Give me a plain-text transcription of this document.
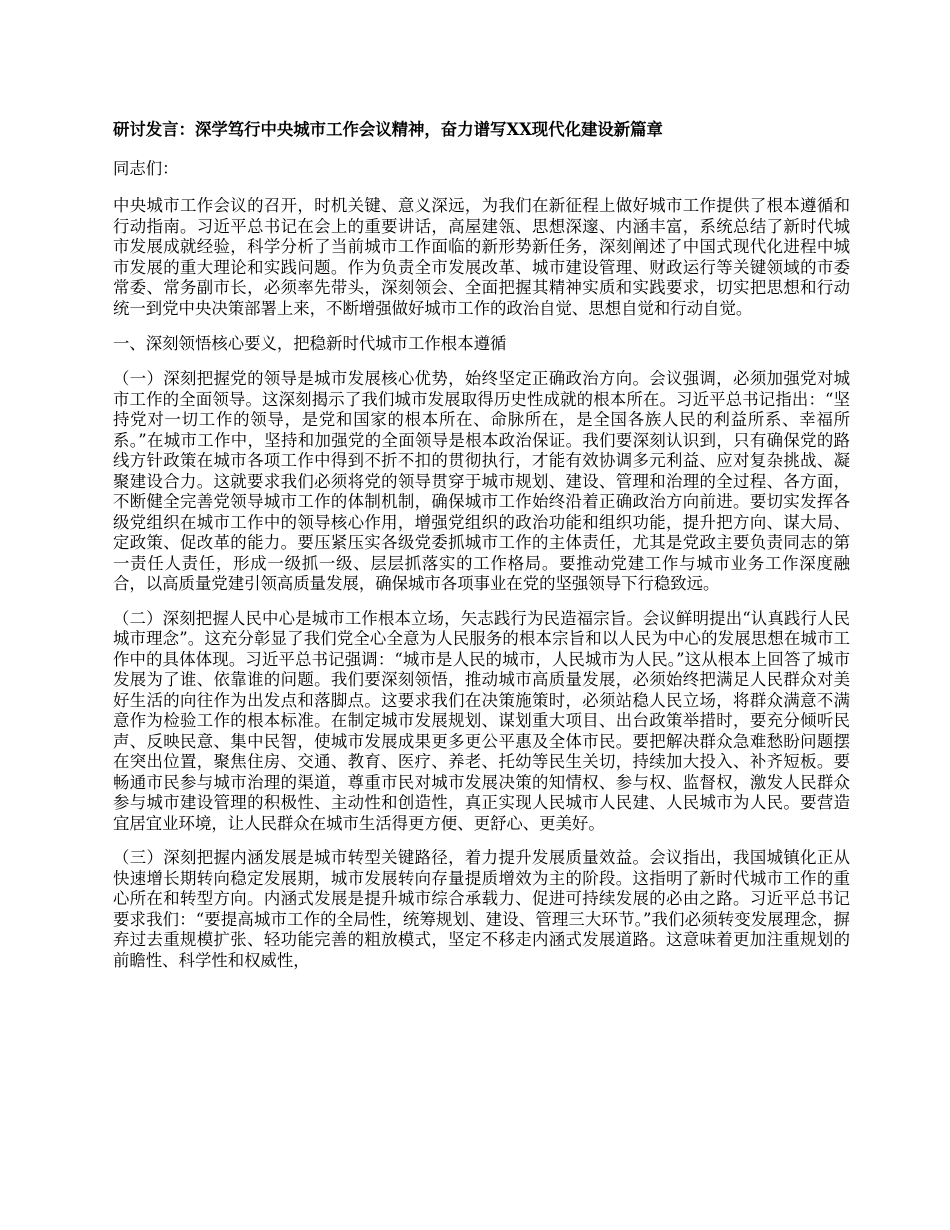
研讨发言：深学笃行中央城市工作会议精神，奋力谱写XX现代化建设新篇章
同志们：
中央城市工作会议的召开，时机关键、意义深远，为我们在新征程上做好城市工作提供了根本遵循和行动指南。习近平总书记在会上的重要讲话，高屋建瓴、思想深邃、内涵丰富，系统总结了新时代城市发展成就经验，科学分析了当前城市工作面临的新形势新任务，深刻阐述了中国式现代化进程中城市发展的重大理论和实践问题。作为负责全市发展改革、城市建设管理、财政运行等关键领域的市委常委、常务副市长，必须率先带头，深刻领会、全面把握其精神实质和实践要求，切实把思想和行动统一到党中央决策部署上来，不断增强做好城市工作的政治自觉、思想自觉和行动自觉。
一、深刻领悟核心要义，把稳新时代城市工作根本遵循
（一）深刻把握党的领导是城市发展核心优势，始终坚定正确政治方向。会议强调，必须加强党对城市工作的全面领导。这深刻揭示了我们城市发展取得历史性成就的根本所在。习近平总书记指出：“坚持党对一切工作的领导，是党和国家的根本所在、命脉所在，是全国各族人民的利益所系、幸福所系。”在城市工作中，坚持和加强党的全面领导是根本政治保证。我们要深刻认识到，只有确保党的路线方针政策在城市各项工作中得到不折不扣的贯彻执行，才能有效协调多元利益、应对复杂挑战、凝聚建设合力。这就要求我们必须将党的领导贯穿于城市规划、建设、管理和治理的全过程、各方面，不断健全完善党领导城市工作的体制机制，确保城市工作始终沿着正确政治方向前进。要切实发挥各级党组织在城市工作中的领导核心作用，增强党组织的政治功能和组织功能，提升把方向、谋大局、定政策、促改革的能力。要压紧压实各级党委抓城市工作的主体责任，尤其是党政主要负责同志的第一责任人责任，形成一级抓一级、层层抓落实的工作格局。要推动党建工作与城市业务工作深度融合，以高质量党建引领高质量发展，确保城市各项事业在党的坚强领导下行稳致远。
（二）深刻把握人民中心是城市工作根本立场，矢志践行为民造福宗旨。会议鲜明提出“认真践行人民城市理念”。这充分彰显了我们党全心全意为人民服务的根本宗旨和以人民为中心的发展思想在城市工作中的具体体现。习近平总书记强调：“城市是人民的城市，人民城市为人民。”这从根本上回答了城市发展为了谁、依靠谁的问题。我们要深刻领悟，推动城市高质量发展，必须始终把满足人民群众对美好生活的向往作为出发点和落脚点。这要求我们在决策施策时，必须站稳人民立场，将群众满意不满意作为检验工作的根本标准。在制定城市发展规划、谋划重大项目、出台政策举措时，要充分倾听民声、反映民意、集中民智，使城市发展成果更多更公平惠及全体市民。要把解决群众急难愁盼问题摆在突出位置，聚焦住房、交通、教育、医疗、养老、托幼等民生关切，持续加大投入、补齐短板。要畅通市民参与城市治理的渠道，尊重市民对城市发展决策的知情权、参与权、监督权，激发人民群众参与城市建设管理的积极性、主动性和创造性，真正实现人民城市人民建、人民城市为人民。要营造宜居宜业环境，让人民群众在城市生活得更方便、更舒心、更美好。
（三）深刻把握内涵发展是城市转型关键路径，着力提升发展质量效益。会议指出，我国城镇化正从快速增长期转向稳定发展期，城市发展转向存量提质增效为主的阶段。这指明了新时代城市工作的重心所在和转型方向。内涵式发展是提升城市综合承载力、促进可持续发展的必由之路。习近平总书记要求我们：“要提高城市工作的全局性，统筹规划、建设、管理三大环节。”我们必须转变发展理念，摒弃过去重规模扩张、轻功能完善的粗放模式，坚定不移走内涵式发展道路。这意味着更加注重规划的前瞻性、科学性和权威性，
